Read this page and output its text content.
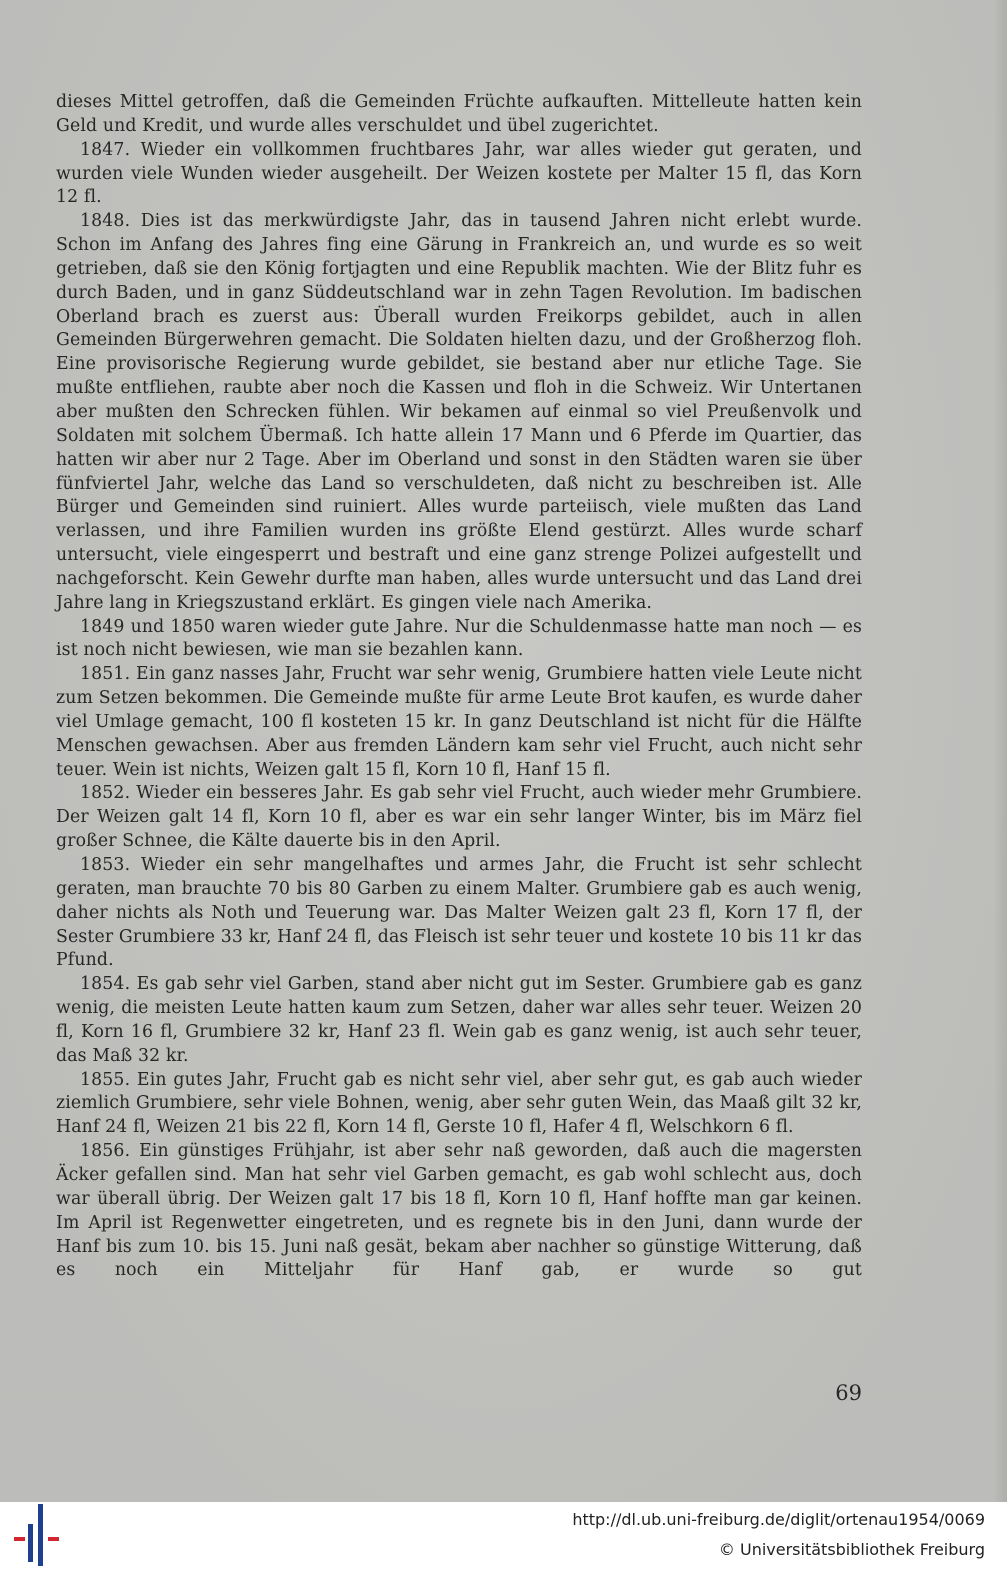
dieses Mittel getroffen, daß die Gemeinden Früchte aufkauften. Mittelleute hatten kein Geld und Kredit, und wurde alles verschuldet und übel zugerichtet.

1847. Wieder ein vollkommen fruchtbares Jahr, war alles wieder gut geraten, und wurden viele Wunden wieder ausgeheilt. Der Weizen kostete per Malter 15 fl, das Korn 12 fl.

1848. Dies ist das merkwürdigste Jahr, das in tausend Jahren nicht erlebt wurde. Schon im Anfang des Jahres fing eine Gärung in Frankreich an, und wurde es so weit getrieben, daß sie den König fortjagten und eine Republik machten. Wie der Blitz fuhr es durch Baden, und in ganz Süddeutschland war in zehn Tagen Revolution. Im badischen Oberland brach es zuerst aus: Überall wurden Freikorps gebildet, auch in allen Gemeinden Bürgerwehren gemacht. Die Soldaten hielten dazu, und der Großherzog floh. Eine provisorische Regierung wurde gebildet, sie bestand aber nur etliche Tage. Sie mußte entfliehen, raubte aber noch die Kassen und floh in die Schweiz. Wir Untertanen aber mußten den Schrecken fühlen. Wir bekamen auf einmal so viel Preußenvolk und Soldaten mit solchem Übermaß. Ich hatte allein 17 Mann und 6 Pferde im Quartier, das hatten wir aber nur 2 Tage. Aber im Oberland und sonst in den Städten waren sie über fünfviertel Jahr, welche das Land so verschuldeten, daß nicht zu beschreiben ist. Alle Bürger und Gemeinden sind ruiniert. Alles wurde parteiisch, viele mußten das Land verlassen, und ihre Familien wurden ins größte Elend gestürzt. Alles wurde scharf untersucht, viele eingesperrt und bestraft und eine ganz strenge Polizei aufgestellt und nachgeforscht. Kein Gewehr durfte man haben, alles wurde untersucht und das Land drei Jahre lang in Kriegszustand erklärt. Es gingen viele nach Amerika.

1849 und 1850 waren wieder gute Jahre. Nur die Schuldenmasse hatte man noch — es ist noch nicht bewiesen, wie man sie bezahlen kann.

1851. Ein ganz nasses Jahr, Frucht war sehr wenig, Grumbiere hatten viele Leute nicht zum Setzen bekommen. Die Gemeinde mußte für arme Leute Brot kaufen, es wurde daher viel Umlage gemacht, 100 fl kosteten 15 kr. In ganz Deutschland ist nicht für die Hälfte Menschen gewachsen. Aber aus fremden Ländern kam sehr viel Frucht, auch nicht sehr teuer. Wein ist nichts, Weizen galt 15 fl, Korn 10 fl, Hanf 15 fl.

1852. Wieder ein besseres Jahr. Es gab sehr viel Frucht, auch wieder mehr Grumbiere. Der Weizen galt 14 fl, Korn 10 fl, aber es war ein sehr langer Winter, bis im März fiel großer Schnee, die Kälte dauerte bis in den April.

1853. Wieder ein sehr mangelhaftes und armes Jahr, die Frucht ist sehr schlecht geraten, man brauchte 70 bis 80 Garben zu einem Malter. Grumbiere gab es auch wenig, daher nichts als Noth und Teuerung war. Das Malter Weizen galt 23 fl, Korn 17 fl, der Sester Grumbiere 33 kr, Hanf 24 fl, das Fleisch ist sehr teuer und kostete 10 bis 11 kr das Pfund.

1854. Es gab sehr viel Garben, stand aber nicht gut im Sester. Grumbiere gab es ganz wenig, die meisten Leute hatten kaum zum Setzen, daher war alles sehr teuer. Weizen 20 fl, Korn 16 fl, Grumbiere 32 kr, Hanf 23 fl. Wein gab es ganz wenig, ist auch sehr teuer, das Maß 32 kr.

1855. Ein gutes Jahr, Frucht gab es nicht sehr viel, aber sehr gut, es gab auch wieder ziemlich Grumbiere, sehr viele Bohnen, wenig, aber sehr guten Wein, das Maaß gilt 32 kr, Hanf 24 fl, Weizen 21 bis 22 fl, Korn 14 fl, Gerste 10 fl, Hafer 4 fl, Welschkorn 6 fl.

1856. Ein günstiges Frühjahr, ist aber sehr naß geworden, daß auch die magersten Äcker gefallen sind. Man hat sehr viel Garben gemacht, es gab wohl schlecht aus, doch war überall übrig. Der Weizen galt 17 bis 18 fl, Korn 10 fl, Hanf hoffte man gar keinen. Im April ist Regenwetter eingetreten, und es regnete bis in den Juni, dann wurde der Hanf bis zum 10. bis 15. Juni naß gesät, bekam aber nachher so günstige Witterung, daß es noch ein Mitteljahr für Hanf gab, er wurde so gut

69
http://dl.ub.uni-freiburg.de/diglit/ortenau1954/0069
© Universitätsbibliothek Freiburg
